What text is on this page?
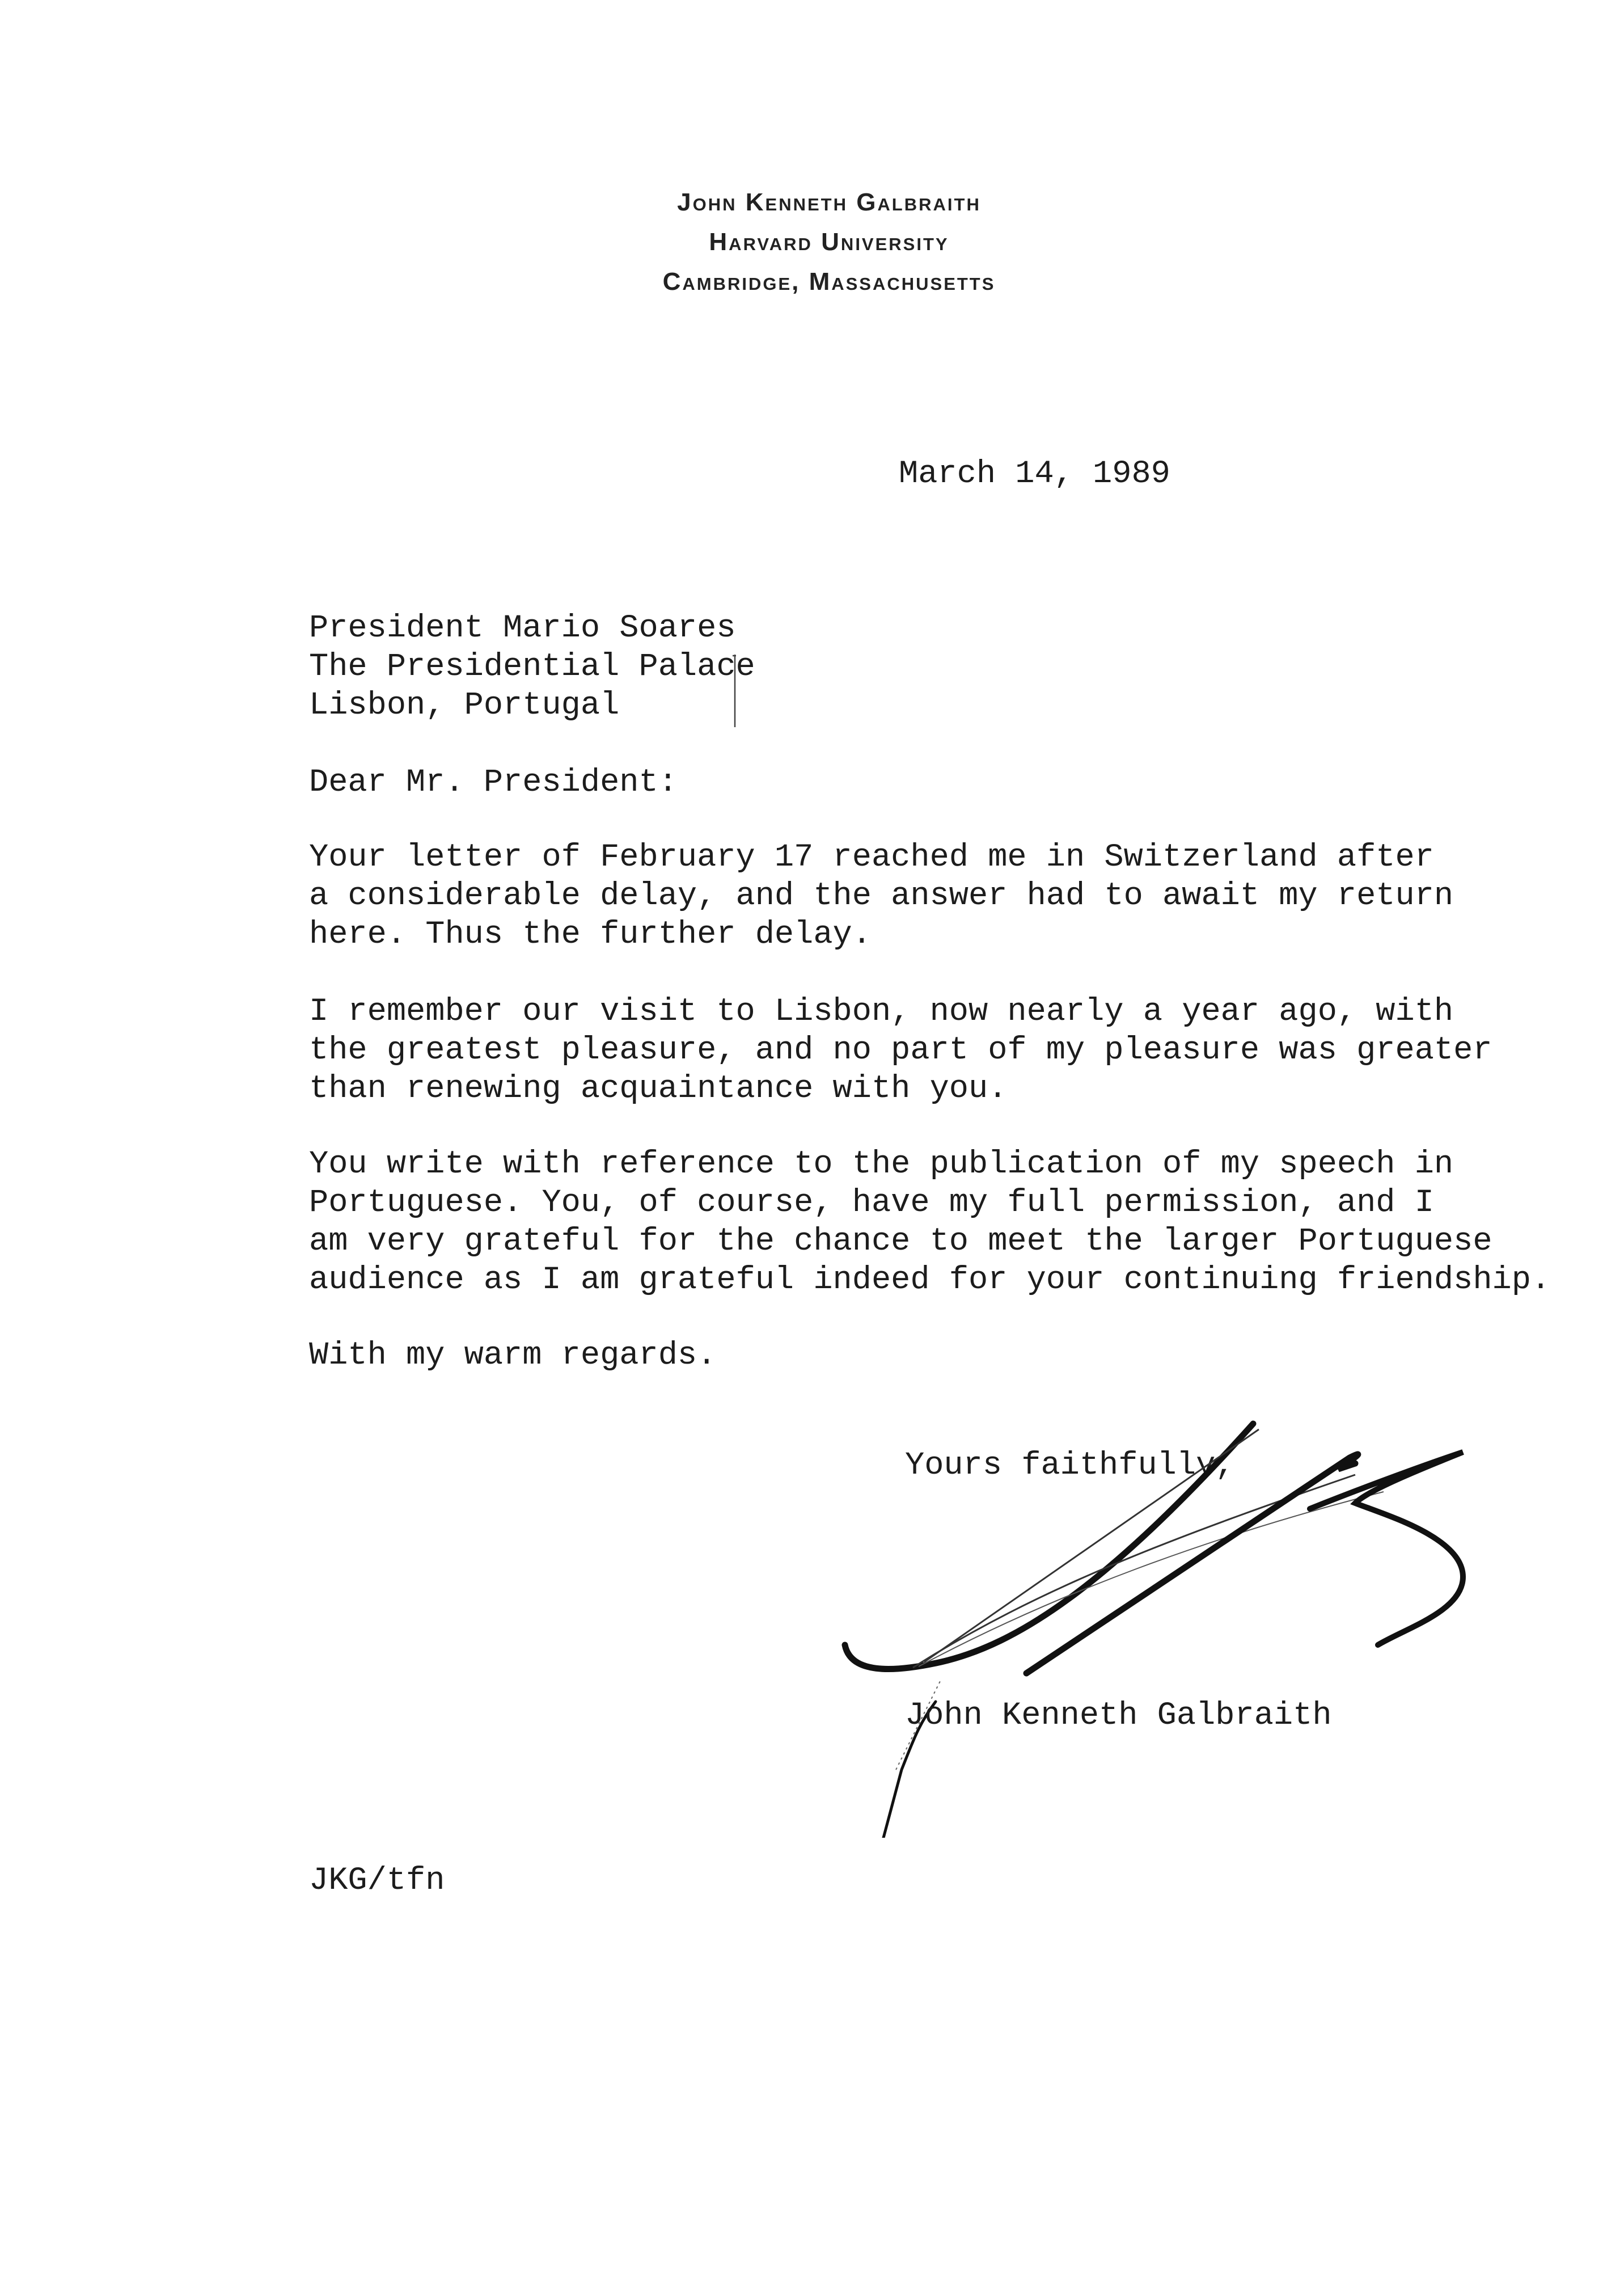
John Kenneth Galbraith
Harvard University
Cambridge, Massachusetts
March 14, 1989
President Mario Soares
The Presidential Palace
Lisbon, Portugal
Dear Mr. President:
Your letter of February 17 reached me in Switzerland after
a considerable delay, and the answer had to await my return
here. Thus the further delay.
I remember our visit to Lisbon, now nearly a year ago, with
the greatest pleasure, and no part of my pleasure was greater
than renewing acquaintance with you.
You write with reference to the publication of my speech in
Portuguese. You, of course, have my full permission, and I
am very grateful for the chance to meet the larger Portuguese
audience as I am grateful indeed for your continuing friendship.
With my warm regards.
Yours faithfully,
John Kenneth Galbraith
JKG/tfn
